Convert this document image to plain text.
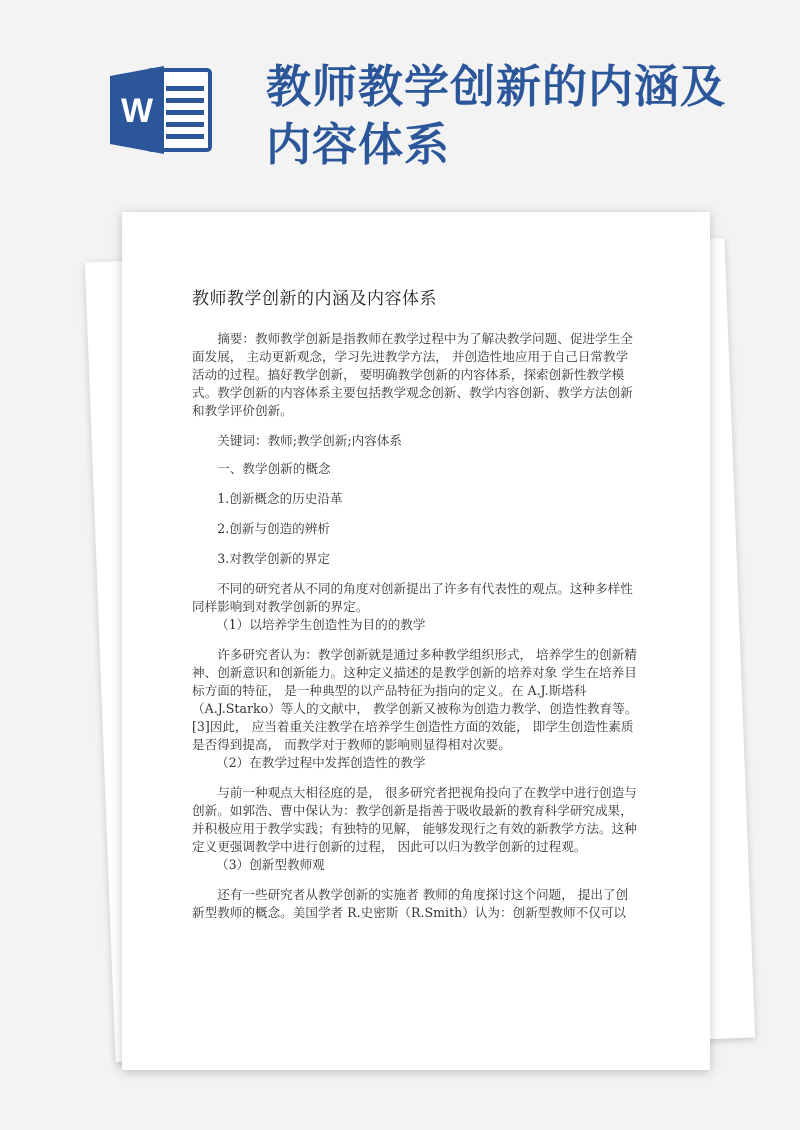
W	教师教学创新的内涵及
内容体系
教师教学创新的内涵及内容体系

摘要：教师教学创新是指教师在教学过程中为了解决教学问题、促进学生全面发展， 主动更新观念，学习先进教学方法， 并创造性地应用于自己日常教学活动的过程。搞好教学创新， 要明确教学创新的内容体系，探索创新性教学模式。教学创新的内容体系主要包括教学观念创新、教学内容创新、教学方法创新和教学评价创新。

关键词：教师;教学创新;内容体系

一、教学创新的概念

1.创新概念的历史沿革

2.创新与创造的辨析

3.对教学创新的界定

不同的研究者从不同的角度对创新提出了许多有代表性的观点。这种多样性同样影响到对教学创新的界定。

（1）以培养学生创造性为目的的教学

许多研究者认为：教学创新就是通过多种教学组织形式， 培养学生的创新精神、创新意识和创新能力。这种定义描述的是教学创新的培养对象 学生在培养目标方面的特征， 是一种典型的以产品特征为指向的定义。在 A.J.斯塔科（A.J.Starko）等人的文献中， 教学创新又被称为创造力教学、创造性教育等。[3]因此， 应当着重关注教学在培养学生创造性方面的效能， 即学生创造性素质是否得到提高， 而教学对于教师的影响则显得相对次要。

（2）在教学过程中发挥创造性的教学

与前一种观点大相径庭的是， 很多研究者把视角投向了在教学中进行创造与创新。如郭浩、曹中保认为：教学创新是指善于吸收最新的教育科学研究成果， 并积极应用于教学实践；有独特的见解， 能够发现行之有效的新教学方法。这种定义更强调教学中进行创新的过程， 因此可以归为教学创新的过程观。

（3）创新型教师观

还有一些研究者从教学创新的实施者 教师的角度探讨这个问题， 提出了创新型教师的概念。美国学者 R.史密斯（R.Smith）认为：创新型教师不仅可以
